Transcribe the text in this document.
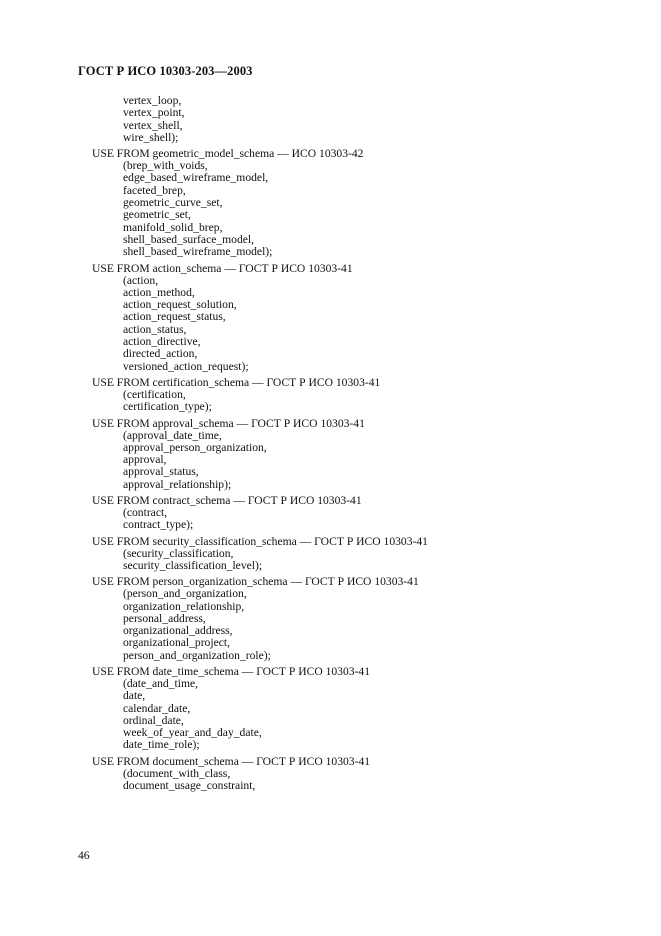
ГОСТ Р ИСО 10303-203—2003
vertex_loop,
vertex_point,
vertex_shell,
wire_shell);
USE FROM geometric_model_schema — ИСО 10303-42
(brep_with_voids,
edge_based_wireframe_model,
faceted_brep,
geometric_curve_set,
geometric_set,
manifold_solid_brep,
shell_based_surface_model,
shell_based_wireframe_model);
USE FROM action_schema — ГОСТ Р ИСО 10303-41
(action,
action_method,
action_request_solution,
action_request_status,
action_status,
action_directive,
directed_action,
versioned_action_request);
USE FROM certification_schema — ГОСТ Р ИСО 10303-41
(certification,
certification_type);
USE FROM approval_schema — ГОСТ Р ИСО 10303-41
(approval_date_time,
approval_person_organization,
approval,
approval_status,
approval_relationship);
USE FROM contract_schema — ГОСТ Р ИСО 10303-41
(contract,
contract_type);
USE FROM security_classification_schema — ГОСТ Р ИСО 10303-41
(security_classification,
security_classification_level);
USE FROM person_organization_schema — ГОСТ Р ИСО 10303-41
(person_and_organization,
organization_relationship,
personal_address,
organizational_address,
organizational_project,
person_and_organization_role);
USE FROM date_time_schema — ГОСТ Р ИСО 10303-41
(date_and_time,
date,
calendar_date,
ordinal_date,
week_of_year_and_day_date,
date_time_role);
USE FROM document_schema — ГОСТ Р ИСО 10303-41
(document_with_class,
document_usage_constraint,
46
